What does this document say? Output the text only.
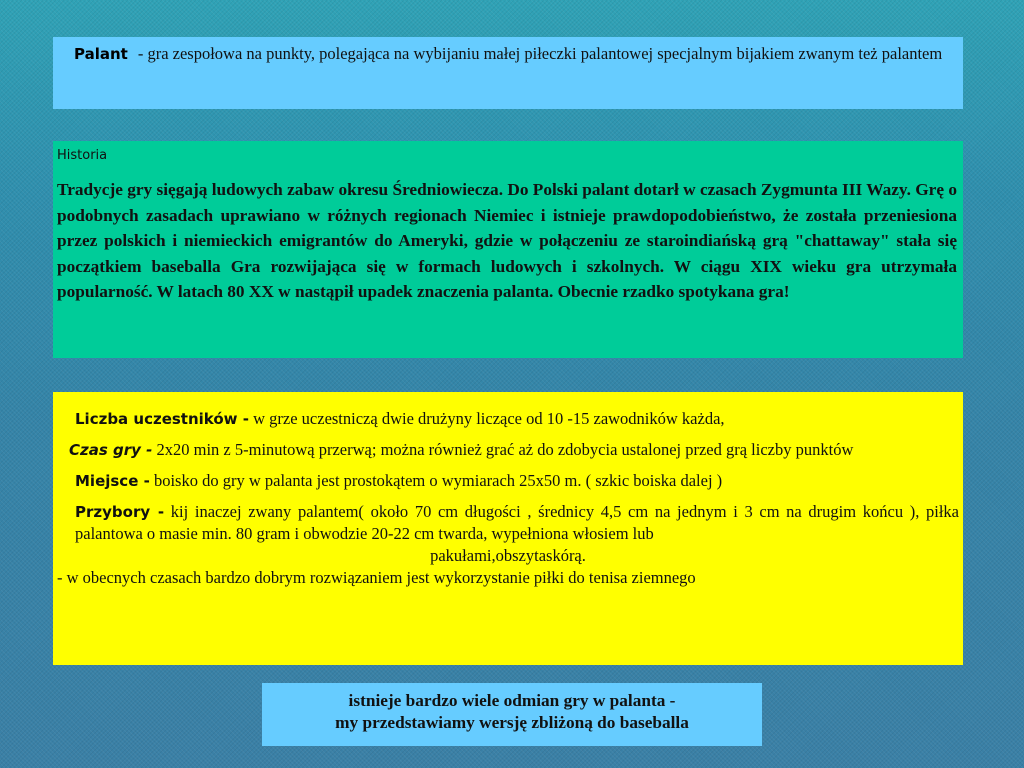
Palant - gra zespołowa na punkty, polegająca na wybijaniu małej piłeczki palantowej specjalnym bijakiem zwanym też palantem
Historia

Tradycje gry sięgają ludowych zabaw okresu Średniowiecza. Do Polski palant dotarł w czasach Zygmunta III Wazy. Grę o podobnych zasadach uprawiano w różnych regionach Niemiec i istnieje prawdopodobieństwo, że została przeniesiona przez polskich i niemieckich emigrantów do Ameryki, gdzie w połączeniu ze staroindiańską grą "chattaway" stała się początkiem baseballa Gra rozwijająca się w formach ludowych i szkolnych. W ciągu XIX wieku gra utrzymała popularność. W latach 80 XX w nastąpił upadek znaczenia palanta. Obecnie rzadko spotykana gra!

Liczba uczestników - w grze uczestniczą dwie drużyny liczące od 10 -15 zawodników każda,

Czas gry - 2x20 min z 5-minutową przerwą; można również grać aż do zdobycia ustalonej przed grą liczby punktów

Miejsce - boisko do gry w palanta jest prostokątem o wymiarach 25x50 m. ( szkic boiska dalej )

Przybory - kij inaczej zwany palantem( około 70 cm długości , średnicy 4,5 cm na jednym i 3 cm na drugim końcu ), piłka palantowa o masie min. 80 gram i obwodzie 20-22 cm twarda, wypełniona włosiem lub

pakułami,obszytaskórą.

- w obecnych czasach bardzo dobrym rozwiązaniem jest wykorzystanie piłki do tenisa ziemnego

istnieje bardzo wiele odmian gry w palanta -
my przedstawiamy wersję zbliżoną do baseballa
